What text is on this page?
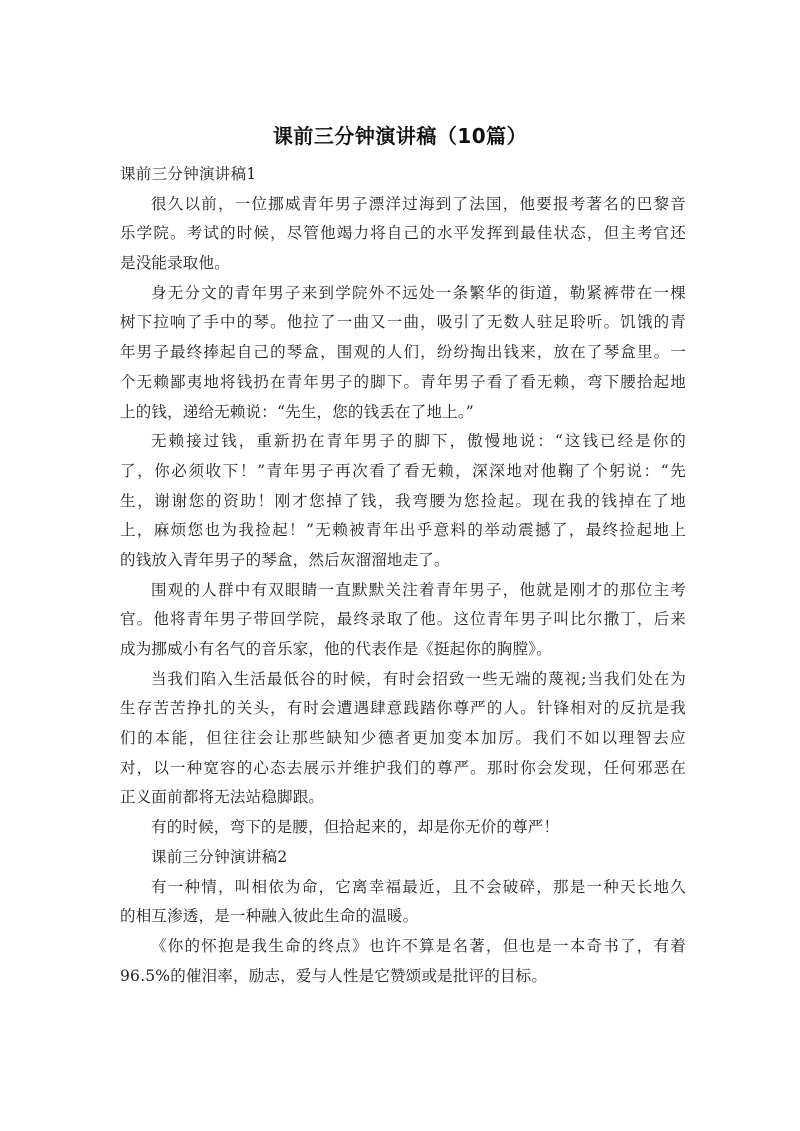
课前三分钟演讲稿（10篇）
课前三分钟演讲稿1
很久以前，一位挪威青年男子漂洋过海到了法国，他要报考著名的巴黎音
乐学院。考试的时候，尽管他竭力将自己的水平发挥到最佳状态，但主考官还
是没能录取他。
身无分文的青年男子来到学院外不远处一条繁华的街道，勒紧裤带在一棵
树下拉响了手中的琴。他拉了一曲又一曲，吸引了无数人驻足聆听。饥饿的青
年男子最终捧起自己的琴盒，围观的人们，纷纷掏出钱来，放在了琴盒里。一
个无赖鄙夷地将钱扔在青年男子的脚下。青年男子看了看无赖，弯下腰拾起地
上的钱，递给无赖说：“先生，您的钱丢在了地上。”
无赖接过钱，重新扔在青年男子的脚下，傲慢地说：“这钱已经是你的
了，你必须收下！”青年男子再次看了看无赖，深深地对他鞠了个躬说：“先
生，谢谢您的资助！刚才您掉了钱，我弯腰为您捡起。现在我的钱掉在了地
上，麻烦您也为我捡起！”无赖被青年出乎意料的举动震撼了，最终捡起地上
的钱放入青年男子的琴盒，然后灰溜溜地走了。
围观的人群中有双眼睛一直默默关注着青年男子，他就是刚才的那位主考
官。他将青年男子带回学院，最终录取了他。这位青年男子叫比尔撒丁，后来
成为挪威小有名气的音乐家，他的代表作是《挺起你的胸膛》。
当我们陷入生活最低谷的时候，有时会招致一些无端的蔑视;当我们处在为
生存苦苦挣扎的关头，有时会遭遇肆意践踏你尊严的人。针锋相对的反抗是我
们的本能，但往往会让那些缺知少德者更加变本加厉。我们不如以理智去应
对，以一种宽容的心态去展示并维护我们的尊严。那时你会发现，任何邪恶在
正义面前都将无法站稳脚跟。
有的时候，弯下的是腰，但拾起来的，却是你无价的尊严！
课前三分钟演讲稿2
有一种情，叫相依为命，它离幸福最近，且不会破碎，那是一种天长地久
的相互渗透，是一种融入彼此生命的温暖。
《你的怀抱是我生命的终点》也许不算是名著，但也是一本奇书了，有着
96.5%的催泪率，励志，爱与人性是它赞颂或是批评的目标。
